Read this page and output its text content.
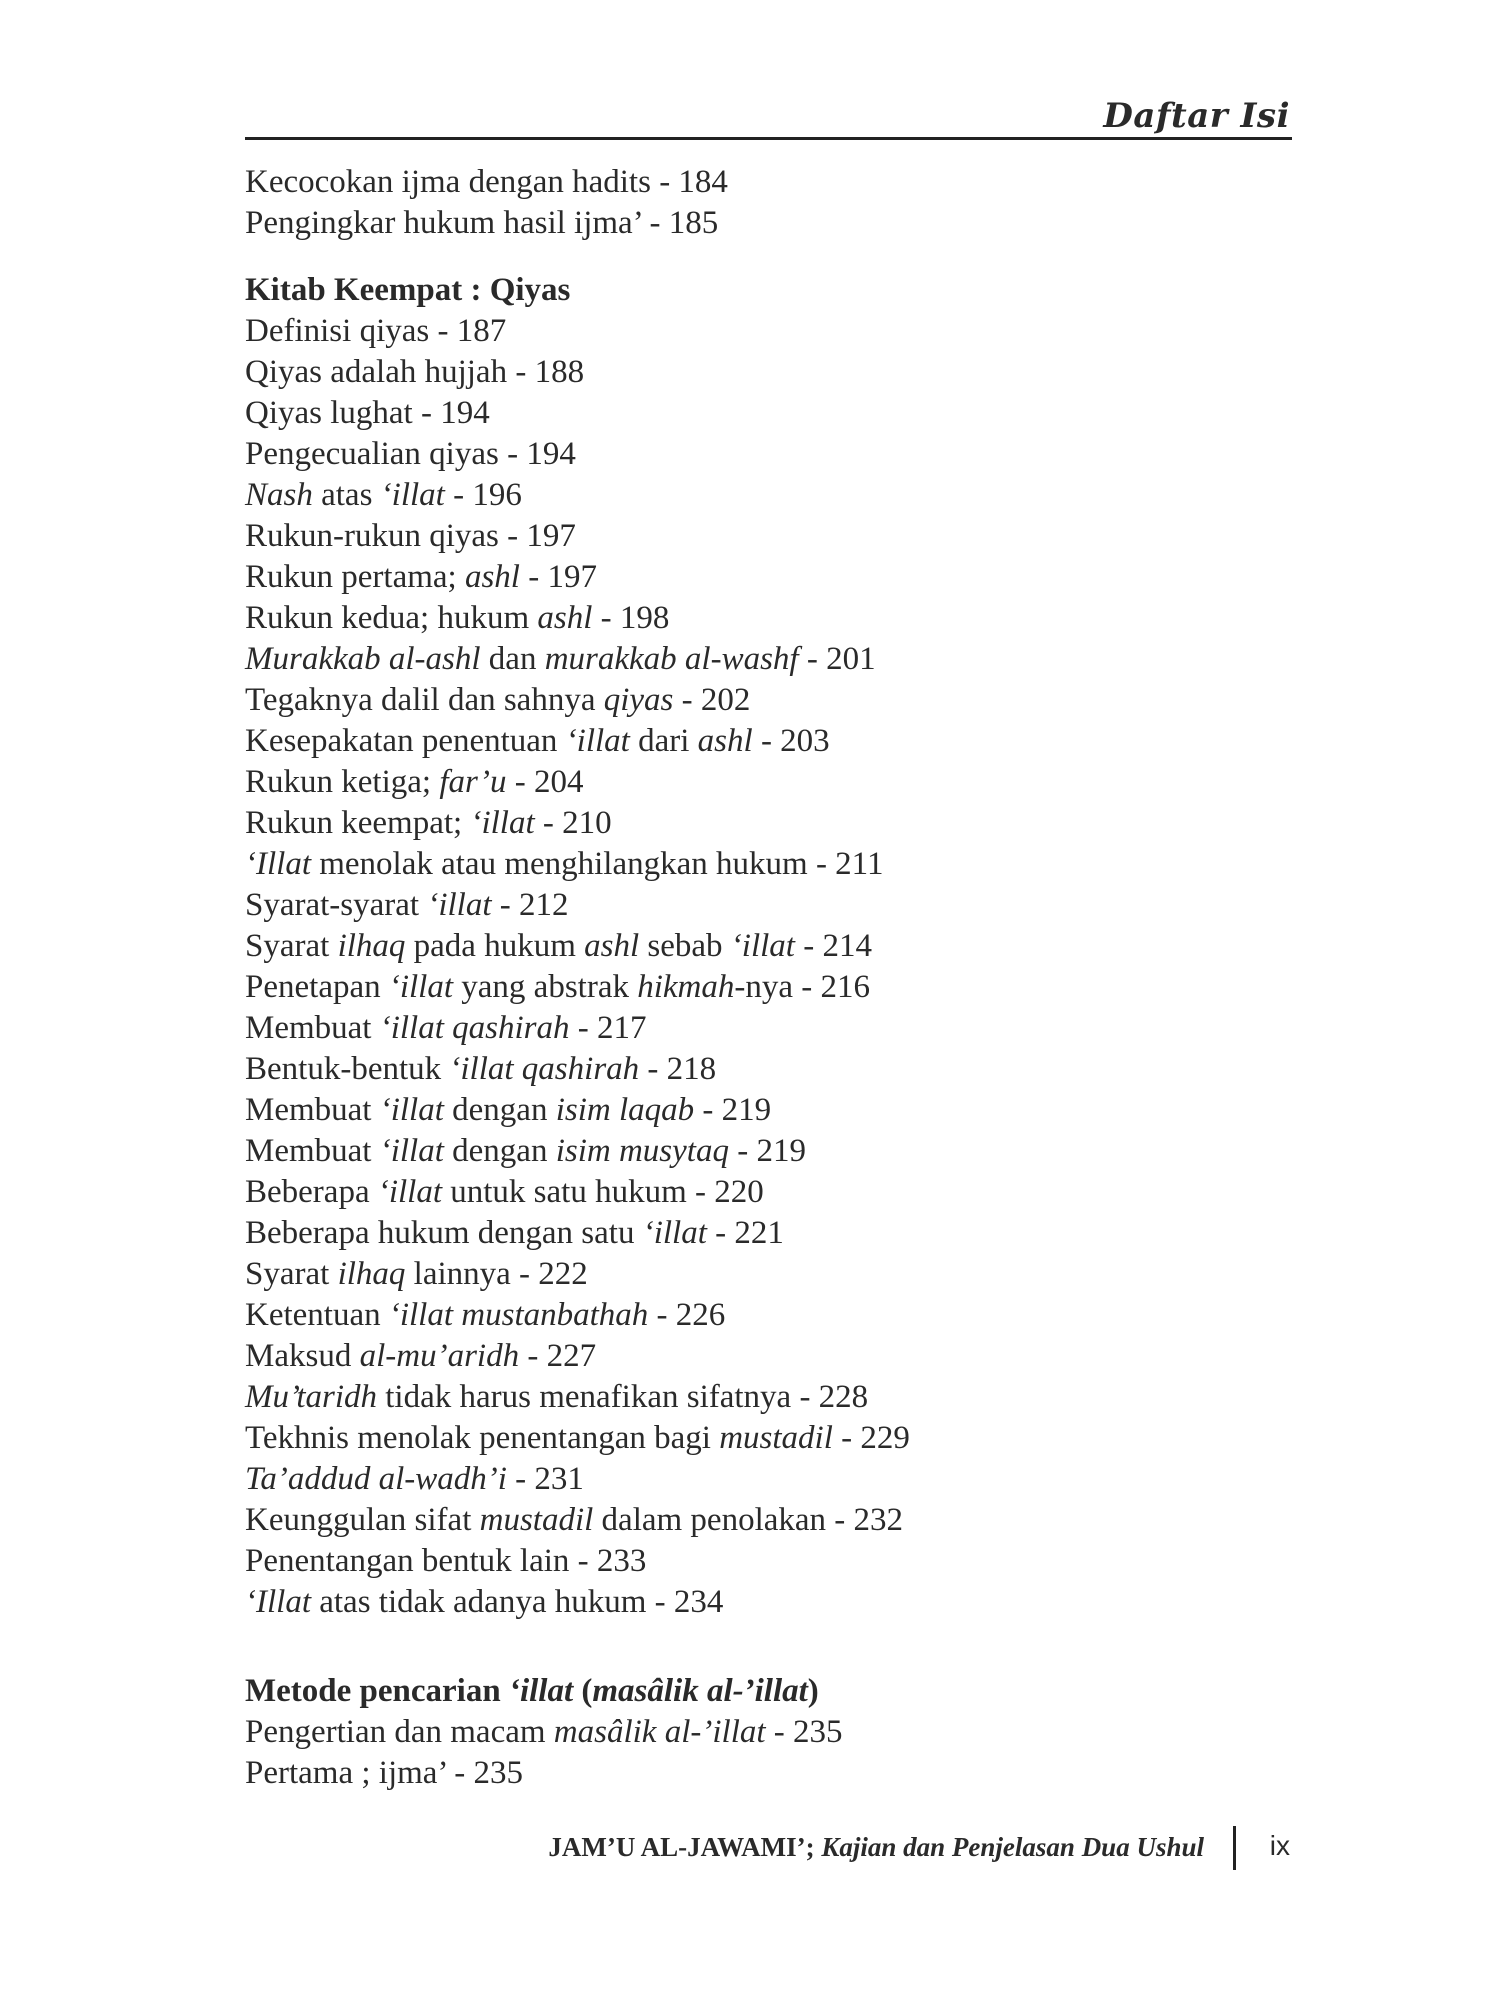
Daftar Isi
Kecocokan ijma dengan hadits - 184
Pengingkar hukum hasil ijma’ - 185
Kitab Keempat : Qiyas
Definisi qiyas - 187
Qiyas adalah hujjah - 188
Qiyas lughat - 194
Pengecualian qiyas - 194
Nash atas ‘illat - 196
Rukun-rukun qiyas - 197
Rukun pertama; ashl - 197
Rukun kedua; hukum ashl - 198
Murakkab al-ashl dan murakkab al-washf - 201
Tegaknya dalil dan sahnya qiyas - 202
Kesepakatan penentuan ‘illat dari ashl - 203
Rukun ketiga; far’u - 204
Rukun keempat; ‘illat - 210
‘Illat menolak atau menghilangkan hukum - 211
Syarat-syarat ‘illat - 212
Syarat ilhaq pada hukum ashl sebab ‘illat - 214
Penetapan ‘illat yang abstrak hikmah-nya - 216
Membuat ‘illat qashirah - 217
Bentuk-bentuk ‘illat qashirah - 218
Membuat ‘illat dengan isim laqab - 219
Membuat ‘illat dengan isim musytaq - 219
Beberapa ‘illat untuk satu hukum - 220
Beberapa hukum dengan satu ‘illat - 221
Syarat ilhaq lainnya - 222
Ketentuan ‘illat mustanbathah - 226
Maksud al-mu’aridh - 227
Mu’taridh tidak harus menafikan sifatnya - 228
Tekhnis menolak penentangan bagi mustadil - 229
Ta’addud al-wadh’i - 231
Keunggulan sifat mustadil dalam penolakan - 232
Penentangan bentuk lain - 233
‘Illat atas tidak adanya hukum - 234
Metode pencarian ‘illat (masâlik al-’illat)
Pengertian dan macam masâlik al-’illat - 235
Pertama ; ijma’ - 235
JAM’U AL-JAWAMI’; Kajian dan Penjelasan Dua Ushul ix
